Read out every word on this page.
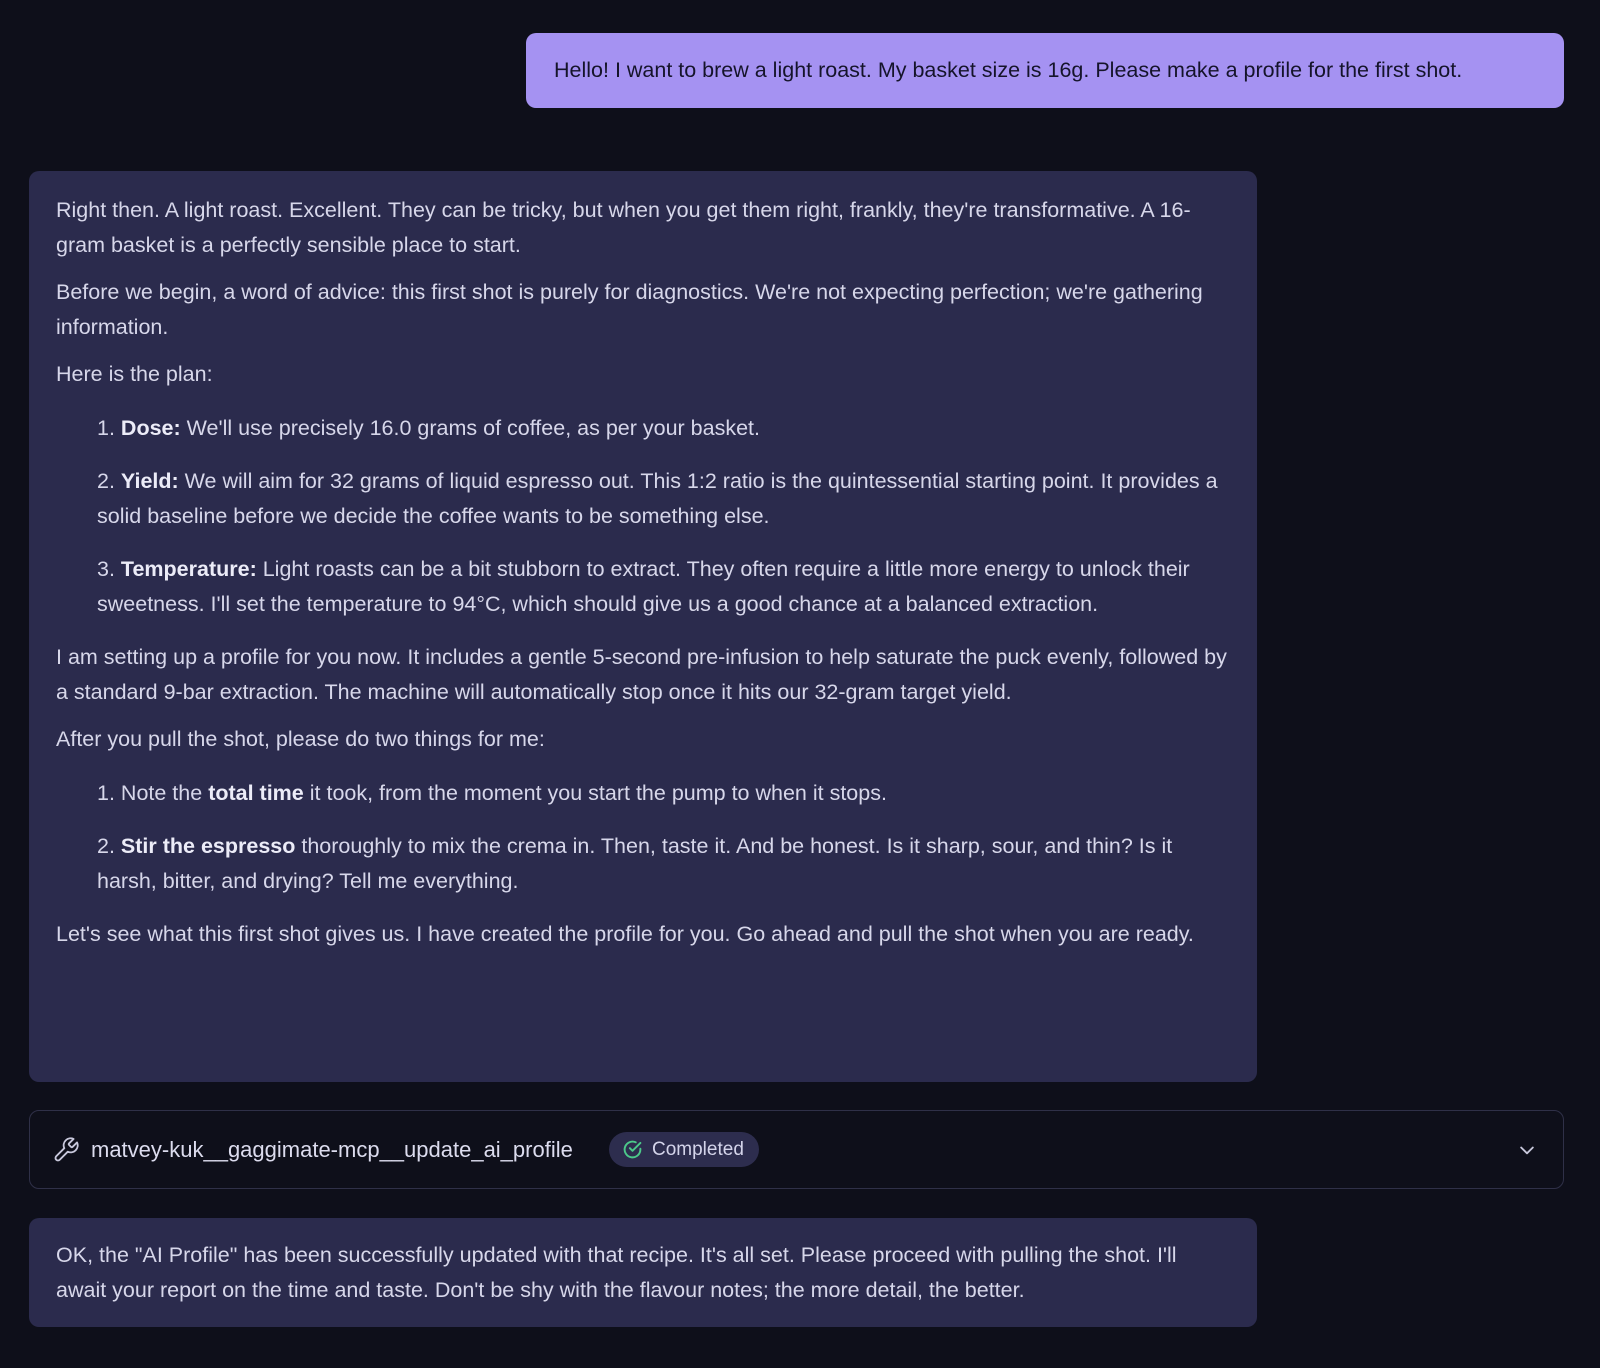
Hello! I want to brew a light roast. My basket size is 16g. Please make a profile for the first shot.

Right then. A light roast. Excellent. They can be tricky, but when you get them right, frankly, they're transformative. A 16-gram basket is a perfectly sensible place to start.

Before we begin, a word of advice: this first shot is purely for diagnostics. We're not expecting perfection; we're gathering information.

Here is the plan:

1. Dose: We'll use precisely 16.0 grams of coffee, as per your basket.
2. Yield: We will aim for 32 grams of liquid espresso out. This 1:2 ratio is the quintessential starting point. It provides a solid baseline before we decide the coffee wants to be something else.
3. Temperature: Light roasts can be a bit stubborn to extract. They often require a little more energy to unlock their sweetness. I'll set the temperature to 94°C, which should give us a good chance at a balanced extraction.

I am setting up a profile for you now. It includes a gentle 5-second pre-infusion to help saturate the puck evenly, followed by a standard 9-bar extraction. The machine will automatically stop once it hits our 32-gram target yield.

After you pull the shot, please do two things for me:

1. Note the total time it took, from the moment you start the pump to when it stops.
2. Stir the espresso thoroughly to mix the crema in. Then, taste it. And be honest. Is it sharp, sour, and thin? Is it harsh, bitter, and drying? Tell me everything.

Let's see what this first shot gives us. I have created the profile for you. Go ahead and pull the shot when you are ready.

matvey-kuk__gaggimate-mcp__update_ai_profile	Completed

OK, the "AI Profile" has been successfully updated with that recipe. It's all set. Please proceed with pulling the shot. I'll await your report on the time and taste. Don't be shy with the flavour notes; the more detail, the better.
